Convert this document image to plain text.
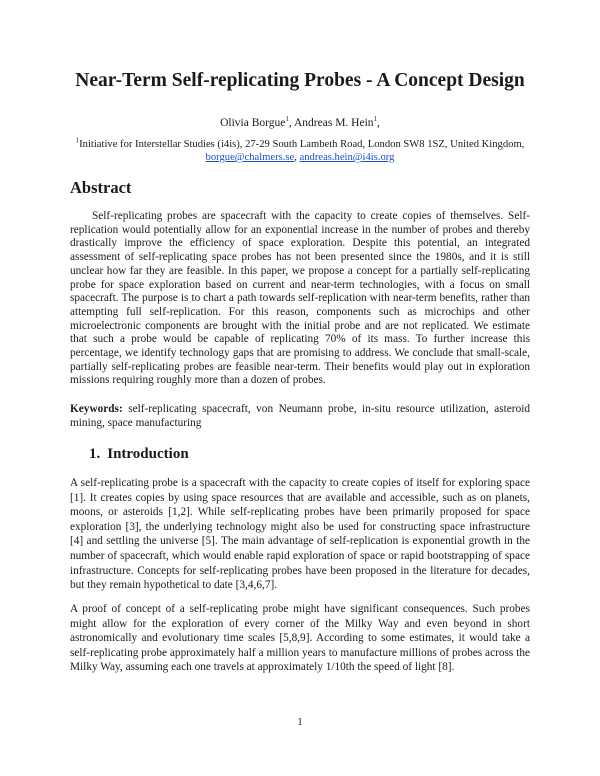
Near-Term Self-replicating Probes - A Concept Design
Olivia Borgue$^1$, Andreas M. Hein$^1$,
$^1$Initiative for Interstellar Studies (i4is), 27-29 South Lambeth Road, London SW8 1SZ, United Kingdom,
borgue@chalmers.se, andreas.hein@i4is.org
Abstract

Self-replicating probes are spacecraft with the capacity to create copies of themselves. Self-replication would potentially allow for an exponential increase in the number of probes and thereby drastically improve the efficiency of space exploration. Despite this potential, an integrated assessment of self-replicating space probes has not been presented since the 1980s, and it is still unclear how far they are feasible. In this paper, we propose a concept for a partially self-replicating probe for space exploration based on current and near-term technologies, with a focus on small spacecraft. The purpose is to chart a path towards self-replication with near-term benefits, rather than attempting full self-replication. For this reason, components such as microchips and other microelectronic components are brought with the initial probe and are not replicated. We estimate that such a probe would be capable of replicating 70% of its mass. To further increase this percentage, we identify technology gaps that are promising to address. We conclude that small-scale, partially self-replicating probes are feasible near-term. Their benefits would play out in exploration missions requiring roughly more than a dozen of probes.

Keywords: self-replicating spacecraft, von Neumann probe, in-situ resource utilization, asteroid mining, space manufacturing

1. Introduction

A self-replicating probe is a spacecraft with the capacity to create copies of itself for exploring space [1]. It creates copies by using space resources that are available and accessible, such as on planets, moons, or asteroids [1,2]. While self-replicating probes have been primarily proposed for space exploration [3], the underlying technology might also be used for constructing space infrastructure [4] and settling the universe [5]. The main advantage of self-replication is exponential growth in the number of spacecraft, which would enable rapid exploration of space or rapid bootstrapping of space infrastructure. Concepts for self-replicating probes have been proposed in the literature for decades, but they remain hypothetical to date [3,4,6,7].

A proof of concept of a self-replicating probe might have significant consequences. Such probes might allow for the exploration of every corner of the Milky Way and even beyond in short astronomically and evolutionary time scales [5,8,9]. According to some estimates, it would take a self-replicating probe approximately half a million years to manufacture millions of probes across the Milky Way, assuming each one travels at approximately 1/10th the speed of light [8].

1
